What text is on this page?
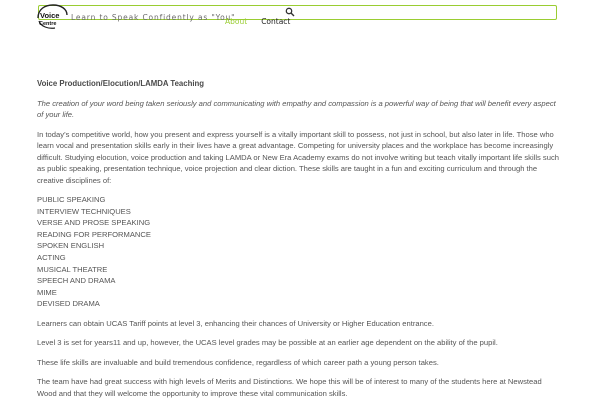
Voice
Centre
Learn to Speak Confidently as "You"
About Contact
Voice Production/Elocution/LAMDA Teaching

The creation of your word being taken seriously and communicating with empathy and compassion is a powerful way of being that will benefit every aspect of your life.

In today’s competitive world, how you present and express yourself is a vitally important skill to possess, not just in school, but also later in life. Those who learn vocal and presentation skills early in their lives have a great advantage. Competing for university places and the workplace has become increasingly difficult. Studying elocution, voice production and taking LAMDA or New Era Academy exams do not involve writing but teach vitally important life skills such as public speaking, presentation technique, voice projection and clear diction. These skills are taught in a fun and exciting curriculum and through the creative disciplines of:

PUBLIC SPEAKING
INTERVIEW TECHNIQUES
VERSE AND PROSE SPEAKING
READING FOR PERFORMANCE
SPOKEN ENGLISH
ACTING
MUSICAL THEATRE
SPEECH AND DRAMA
MIME
DEVISED DRAMA

Learners can obtain UCAS Tariff points at level 3, enhancing their chances of University or Higher Education entrance.

Level 3 is set for years11 and up, however, the UCAS level grades may be possible at an earlier age dependent on the ability of the pupil.

These life skills are invaluable and build tremendous confidence, regardless of which career path a young person takes.

The team have had great success with high levels of Merits and Distinctions. We hope this will be of interest to many of the students here at Newstead Wood and that they will welcome the opportunity to improve these vital communication skills.
